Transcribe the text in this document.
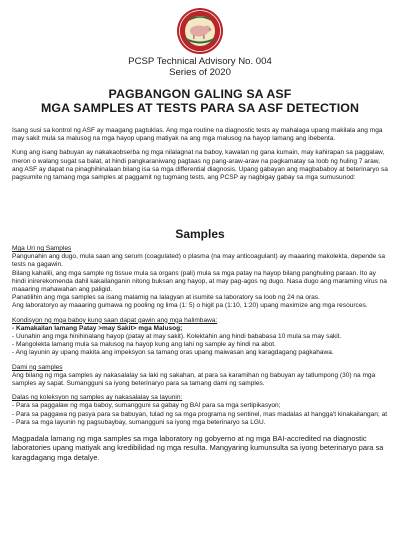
PCSP Technical Advisory No. 004
Series of 2020
PAGBANGON GALING SA ASF
MGA SAMPLES AT TESTS PARA SA ASF DETECTION

Isang susi sa kontrol ng ASF ay maagang pagtuklas. Ang mga routine na diagnostic tests ay mahalaga upang makilala ang mga may sakit mula sa malusog na mga hayop upang matiyak na ang mga malusog na hayop lamang ang ibebenta.

Kung ang isang babuyan ay nakakaobserba ng mga nilalagnat na baboy, kawalan ng gana kumain, may kahirapan sa paggalaw, meron o walang sugat sa balat, at hindi pangkaraniwang pagtaas ng pang-araw-araw na pagkamatay sa loob ng huling 7 araw, ang ASF ay dapat na pinaghihinalaan bilang isa sa mga differential diagnosis. Upang gabayan ang magbababoy at beterinaryo sa pagsumite ng tamang mga samples at paggamit ng tugmang tests, ang PCSP ay nagbigay gabay sa mga sumusunod:

Samples

Mga Uri ng Samples

Pangunahin ang dugo, mula saan ang serum (coagulated) o plasma (na may anticoagulant) ay maaaring makolekta, depende sa tests na gagawin.

Bilang kahalili, ang mga sample ng tissue mula sa organs (pali) mula sa mga patay na hayop bilang panghuling paraan. Ito ay hindi inirerekomenda dahil kakailanganin nitong buksan ang hayop, at may pag-agos ng dugo. Nasa dugo ang maraming virus na maaaring mahawahan ang paligid.

Panatilihin ang mga samples sa isang malamig na lalagyan at isumite sa laboratory sa loob ng 24 na oras.

Ang laboratoryo ay maaaring gumawa ng pooling ng lima (1: 5) o higit pa (1:10, 1:20) upang maximize ang mga resources.

Kondisyon ng mga baboy kung saan dapat gawin ang mga halimbawa:

- Kamakailan lamang Patay >may Sakit> mga Malusog;

- Uunahin ang mga hinihinalang hayop (patay at may sakit). Kolektahin ang hindi bababasa 10 mula sa may sakit.

- Mangolekta lamang mula sa malusog na hayop kung ang lahi ng sample ay hindi na abot.

- Ang layunin ay upang makita ang impeksyon sa tamang oras upang maiwasan ang karagdagang pagkahawa.

Dami ng samples

Ang bilang ng mga samples ay nakasalalay sa laki ng sakahan, at para sa karamihan ng babuyan ay tatlumpong (30) na mga samples ay sapat. Sumangguni sa iyong beterinaryo para sa tamang dami ng samples.

Dalas ng koleksyon ng samples ay nakasalalay sa layunin:

- Para sa paggalaw ng mga baboy, sumangguni sa gabay ng BAI para sa mga sertipikasyon;

- Para sa paggawa ng pasya para sa babuyan, tulad ng sa mga programa ng sentinel, mas madalas at hangga't kinakailangan; at

- Para sa mga layunin ng pagsubaybay, sumangguni sa iyong mga beterinaryo sa LGU.

Magpadala lamang ng mga samples sa mga laboratory ng gobyerno at ng mga BAI-accredited na diagnostic laboratories upang matiyak ang kredibilidad ng mga resulta. Mangyaring kumunsulta sa iyong beterinaryo para sa karagdagang mga detalye.
